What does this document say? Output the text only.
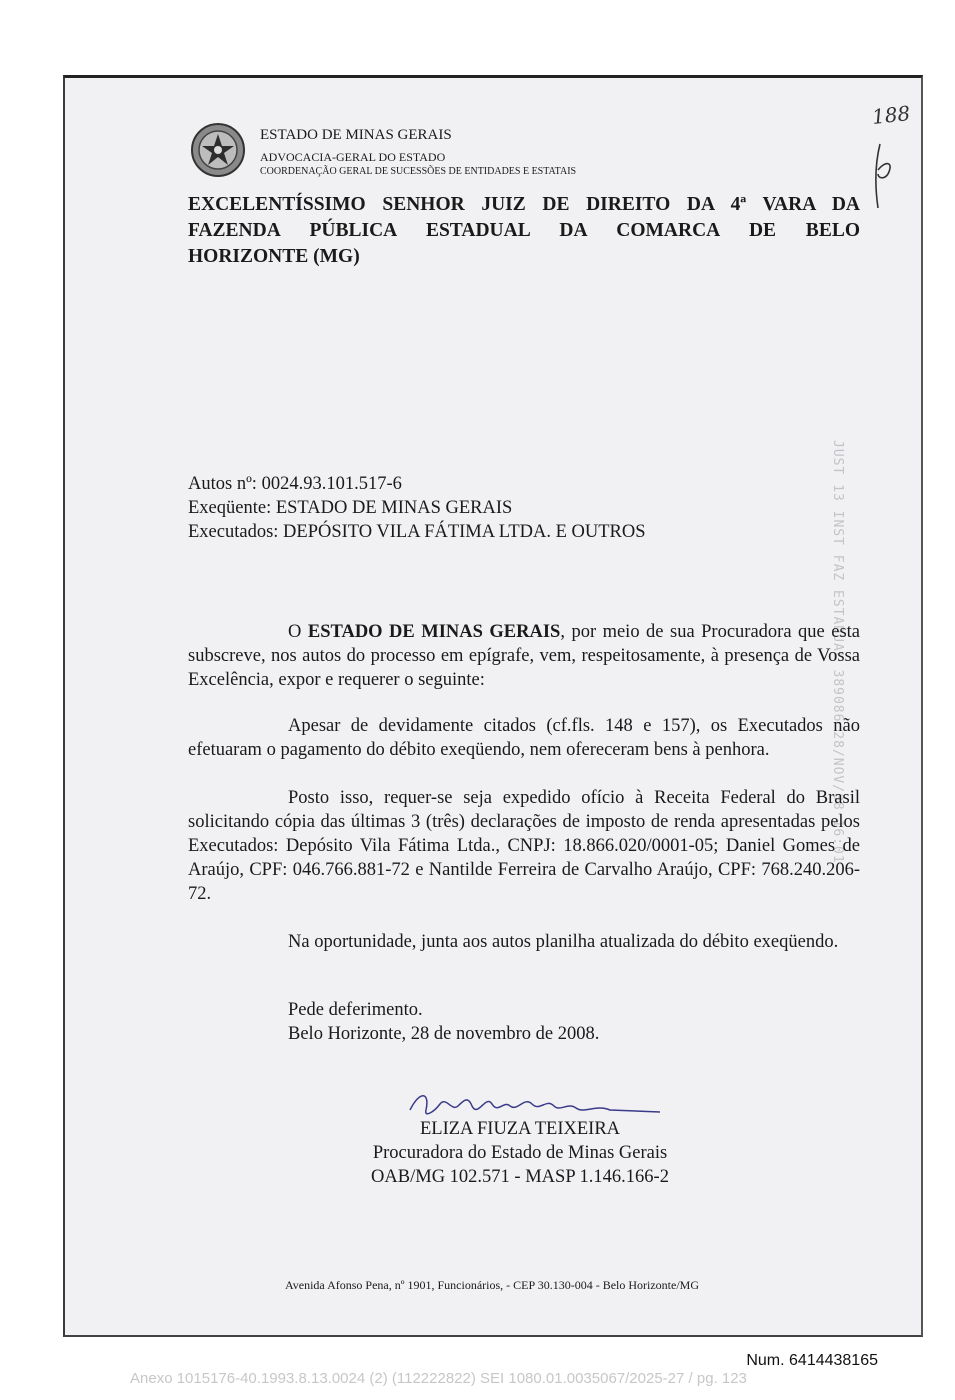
ESTADO DE MINAS GERAIS
ADVOCACIA-GERAL DO ESTADO
COORDENAÇÃO GERAL DE SUCESSÕES DE ENTIDADES E ESTATAIS
188
EXCELENTÍSSIMO SENHOR JUIZ DE DIREITO DA 4ª VARA DA
FAZENDA PÚBLICA ESTADUAL DA COMARCA DE BELO
HORIZONTE (MG)
JUST 13 INST FAZ ESTADUAL 389086 28/NOV/08 16:01
Autos nº: 0024.93.101.517-6
Exeqüente: ESTADO DE MINAS GERAIS
Executados: DEPÓSITO VILA FÁTIMA LTDA. E OUTROS
O ESTADO DE MINAS GERAIS, por meio de sua Procuradora que esta subscreve, nos autos do processo em epígrafe, vem, respeitosamente, à presença de Vossa Excelência, expor e requerer o seguinte:
Apesar de devidamente citados (cf.fls. 148 e 157), os Executados não efetuaram o pagamento do débito exeqüendo, nem ofereceram bens à penhora.
Posto isso, requer-se seja expedido ofício à Receita Federal do Brasil solicitando cópia das últimas 3 (três) declarações de imposto de renda apresentadas pelos Executados: Depósito Vila Fátima Ltda., CNPJ: 18.866.020/0001-05; Daniel Gomes de Araújo, CPF: 046.766.881-72 e Nantilde Ferreira de Carvalho Araújo, CPF: 768.240.206-72.
Na oportunidade, junta aos autos planilha atualizada do débito exeqüendo.
Pede deferimento.
Belo Horizonte, 28 de novembro de 2008.
ELIZA FIUZA TEIXEIRA
Procuradora do Estado de Minas Gerais
OAB/MG 102.571 - MASP 1.146.166-2
Avenida Afonso Pena, nº 1901, Funcionários, - CEP 30.130-004 - Belo Horizonte/MG
Num. 6414438165
Anexo 1015176-40.1993.8.13.0024 (2) (112222822) SEI 1080.01.0035067/2025-27 / pg. 123
